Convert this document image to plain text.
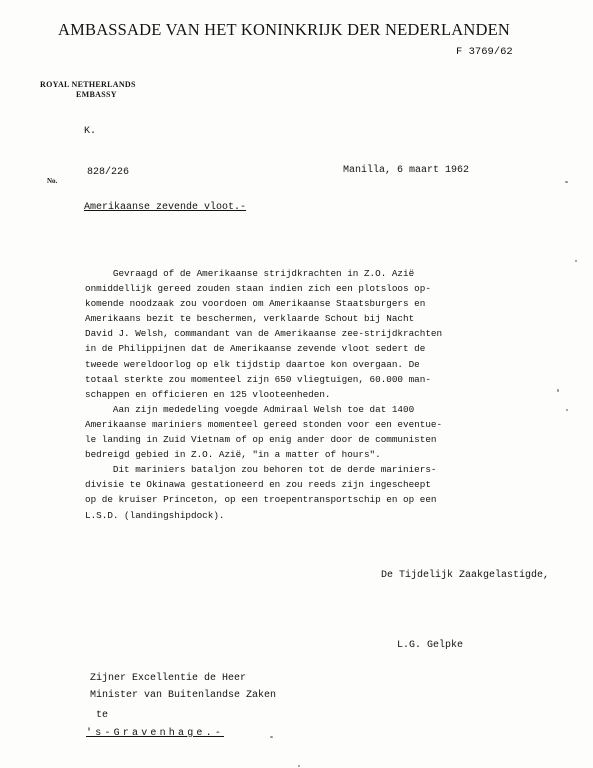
AMBASSADE VAN HET KONINKRIJK DER NEDERLANDEN
F 3769/62
ROYAL NETHERLANDS
EMBASSY
K.
No.
828/226	Manilla, 6 maart 1962
Amerikaanse zevende vloot.-
Gevraagd of de Amerikaanse strijdkrachten in Z.O. Azië
onmiddellijk gereed zouden staan indien zich een plotsloos op-
komende noodzaak zou voordoen om Amerikaanse Staatsburgers en
Amerikaans bezit te beschermen, verklaarde Schout bij Nacht
David J. Welsh, commandant van de Amerikaanse zee-strijdkrachten
in de Philippijnen dat de Amerikaanse zevende vloot sedert de
tweede wereldoorlog op elk tijdstip daartoe kon overgaan. De
totaal sterkte zou momenteel zijn 650 vliegtuigen, 60.000 man-
schappen en officieren en 125 vlooteenheden.
Aan zijn mededeling voegde Admiraal Welsh toe dat 1400
Amerikaanse mariniers momenteel gereed stonden voor een eventue-
le landing in Zuid Vietnam of op enig ander door de communisten
bedreigd gebied in Z.O. Azië, "in a matter of hours".
Dit mariniers bataljon zou behoren tot de derde mariniers-
divisie te Okinawa gestationeerd en zou reeds zijn ingescheept
op de kruiser Princeton, op een troepentransportschip en op een
L.S.D. (landingshipdock).
De Tijdelijk Zaakgelastigde,
L.G. Gelpke
Zijner Excellentie de Heer
Minister van Buitenlandse Zaken
te
's-Gravenhage.-
